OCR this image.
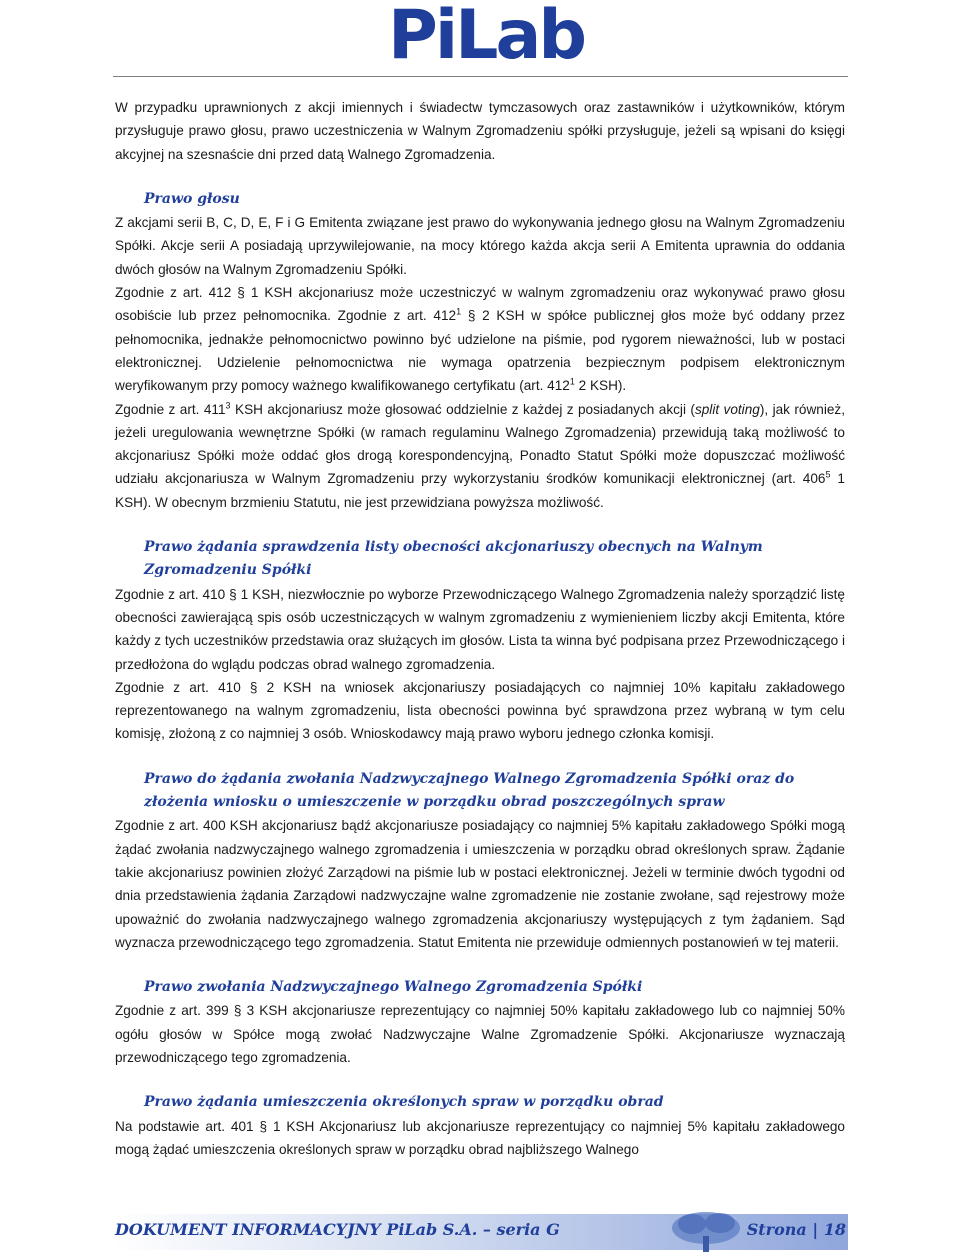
PiLab

W przypadku uprawnionych z akcji imiennych i świadectw tymczasowych oraz zastawników i użytkowników, którym przysługuje prawo głosu, prawo uczestniczenia w Walnym Zgromadzeniu spółki przysługuje, jeżeli są wpisani do księgi akcyjnej na szesnaście dni przed datą Walnego Zgromadzenia.

Prawo głosu

Z akcjami serii B, C, D, E, F i G Emitenta związane jest prawo do wykonywania jednego głosu na Walnym Zgromadzeniu Spółki. Akcje serii A posiadają uprzywilejowanie, na mocy którego każda akcja serii A Emitenta uprawnia do oddania dwóch głosów na Walnym Zgromadzeniu Spółki.

Zgodnie z art. 412 § 1 KSH akcjonariusz może uczestniczyć w walnym zgromadzeniu oraz wykonywać prawo głosu osobiście lub przez pełnomocnika. Zgodnie z art. $412^1$ § 2 KSH w spółce publicznej głos może być oddany przez pełnomocnika, jednakże pełnomocnictwo powinno być udzielone na piśmie, pod rygorem nieważności, lub w postaci elektronicznej. Udzielenie pełnomocnictwa nie wymaga opatrzenia bezpiecznym podpisem elektronicznym weryfikowanym przy pomocy ważnego kwalifikowanego certyfikatu (art. $412^1$ 2 KSH).

Zgodnie z art. $411^3$ KSH akcjonariusz może głosować oddzielnie z każdej z posiadanych akcji (split voting), jak również, jeżeli uregulowania wewnętrzne Spółki (w ramach regulaminu Walnego Zgromadzenia) przewidują taką możliwość to akcjonariusz Spółki może oddać głos drogą korespondencyjną, Ponadto Statut Spółki może dopuszczać możliwość udziału akcjonariusza w Walnym Zgromadzeniu przy wykorzystaniu środków komunikacji elektronicznej (art. $406^5$ 1 KSH). W obecnym brzmieniu Statutu, nie jest przewidziana powyższa możliwość.

Prawo żądania sprawdzenia listy obecności akcjonariuszy obecnych na Walnym Zgromadzeniu Spółki

Zgodnie z art. 410 § 1 KSH, niezwłocznie po wyborze Przewodniczącego Walnego Zgromadzenia należy sporządzić listę obecności zawierającą spis osób uczestniczących w walnym zgromadzeniu z wymienieniem liczby akcji Emitenta, które każdy z tych uczestników przedstawia oraz służących im głosów. Lista ta winna być podpisana przez Przewodniczącego i przedłożona do wglądu podczas obrad walnego zgromadzenia.

Zgodnie z art. 410 § 2 KSH na wniosek akcjonariuszy posiadających co najmniej 10% kapitału zakładowego reprezentowanego na walnym zgromadzeniu, lista obecności powinna być sprawdzona przez wybraną w tym celu komisję, złożoną z co najmniej 3 osób. Wnioskodawcy mają prawo wyboru jednego członka komisji.

Prawo do żądania zwołania Nadzwyczajnego Walnego Zgromadzenia Spółki oraz do złożenia wniosku o umieszczenie w porządku obrad poszczególnych spraw

Zgodnie z art. 400 KSH akcjonariusz bądź akcjonariusze posiadający co najmniej 5% kapitału zakładowego Spółki mogą żądać zwołania nadzwyczajnego walnego zgromadzenia i umieszczenia w porządku obrad określonych spraw. Żądanie takie akcjonariusz powinien złożyć Zarządowi na piśmie lub w postaci elektronicznej. Jeżeli w terminie dwóch tygodni od dnia przedstawienia żądania Zarządowi nadzwyczajne walne zgromadzenie nie zostanie zwołane, sąd rejestrowy może upoważnić do zwołania nadzwyczajnego walnego zgromadzenia akcjonariuszy występujących z tym żądaniem. Sąd wyznacza przewodniczącego tego zgromadzenia. Statut Emitenta nie przewiduje odmiennych postanowień w tej materii.

Prawo zwołania Nadzwyczajnego Walnego Zgromadzenia Spółki

Zgodnie z art. 399 § 3 KSH akcjonariusze reprezentujący co najmniej 50% kapitału zakładowego lub co najmniej 50% ogółu głosów w Spółce mogą zwołać Nadzwyczajne Walne Zgromadzenie Spółki. Akcjonariusze wyznaczają przewodniczącego tego zgromadzenia.

Prawo żądania umieszczenia określonych spraw w porządku obrad

Na podstawie art. 401 § 1 KSH Akcjonariusz lub akcjonariusze reprezentujący co najmniej 5% kapitału zakładowego mogą żądać umieszczenia określonych spraw w porządku obrad najbliższego Walnego

DOKUMENT INFORMACYJNY PiLab S.A. – seria G	Strona | 18
